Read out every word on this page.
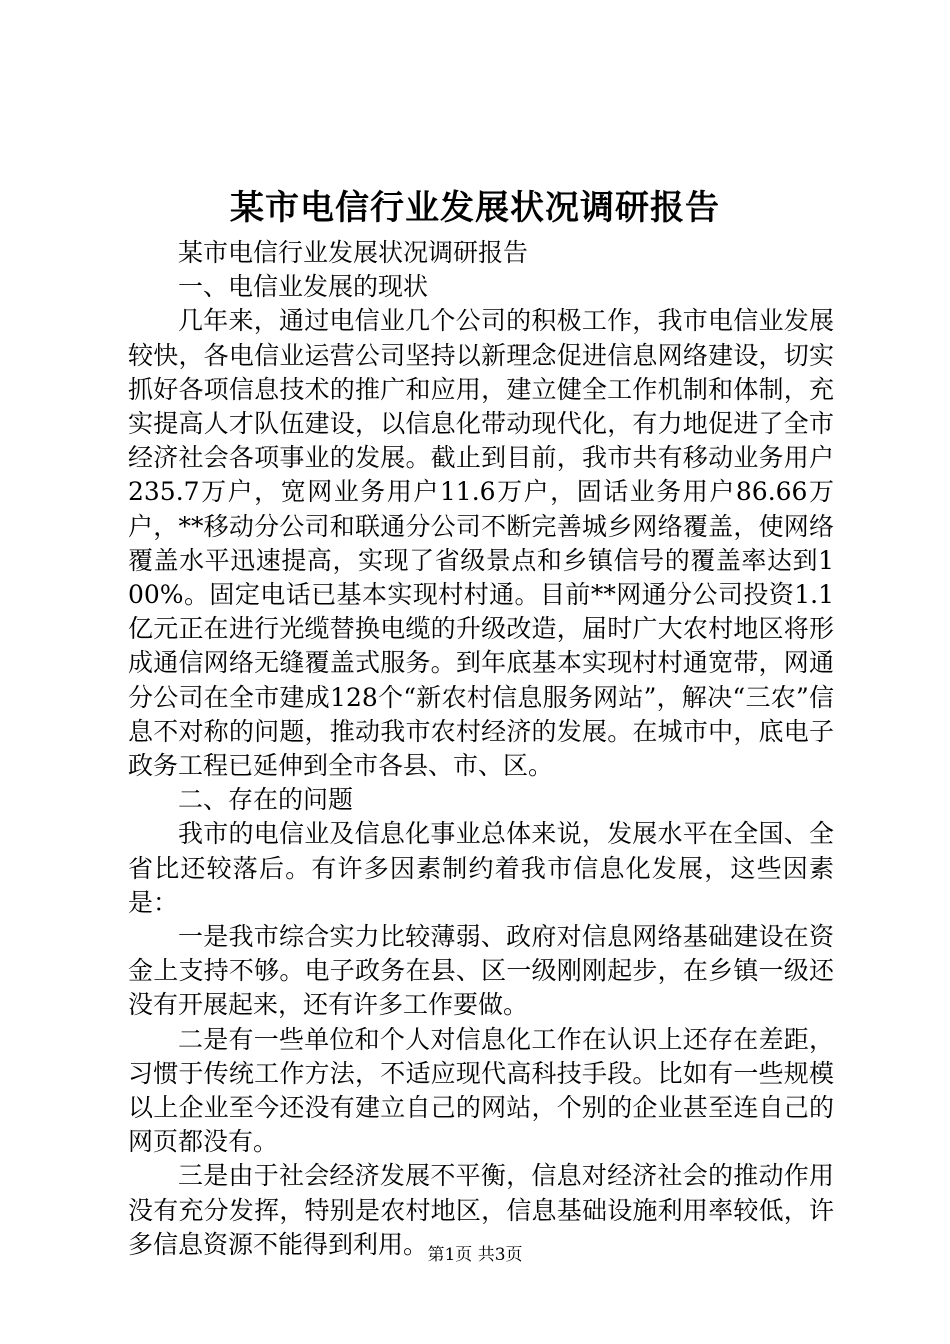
某市电信行业发展状况调研报告

某市电信行业发展状况调研报告

一、电信业发展的现状

几年来，通过电信业几个公司的积极工作，我市电信业发展较快，各电信业运营公司坚持以新理念促进信息网络建设，切实抓好各项信息技术的推广和应用，建立健全工作机制和体制，充实提高人才队伍建设，以信息化带动现代化，有力地促进了全市经济社会各项事业的发展。截止到目前，我市共有移动业务用户235.7万户，宽网业务用户11.6万户，固话业务用户86.66万户，**移动分公司和联通分公司不断完善城乡网络覆盖，使网络覆盖水平迅速提高，实现了省级景点和乡镇信号的覆盖率达到100%。固定电话已基本实现村村通。目前**网通分公司投资1.1亿元正在进行光缆替换电缆的升级改造，届时广大农村地区将形成通信网络无缝覆盖式服务。到年底基本实现村村通宽带，网通分公司在全市建成128个“新农村信息服务网站”，解决“三农”信息不对称的问题，推动我市农村经济的发展。在城市中，底电子政务工程已延伸到全市各县、市、区。

二、存在的问题

我市的电信业及信息化事业总体来说，发展水平在全国、全省比还较落后。有许多因素制约着我市信息化发展，这些因素是：

一是我市综合实力比较薄弱、政府对信息网络基础建设在资金上支持不够。电子政务在县、区一级刚刚起步，在乡镇一级还没有开展起来，还有许多工作要做。

二是有一些单位和个人对信息化工作在认识上还存在差距，习惯于传统工作方法，不适应现代高科技手段。比如有一些规模以上企业至今还没有建立自己的网站，个别的企业甚至连自己的网页都没有。

三是由于社会经济发展不平衡，信息对经济社会的推动作用没有充分发挥，特别是农村地区，信息基础设施利用率较低，许多信息资源不能得到利用。 第1页 共3页
